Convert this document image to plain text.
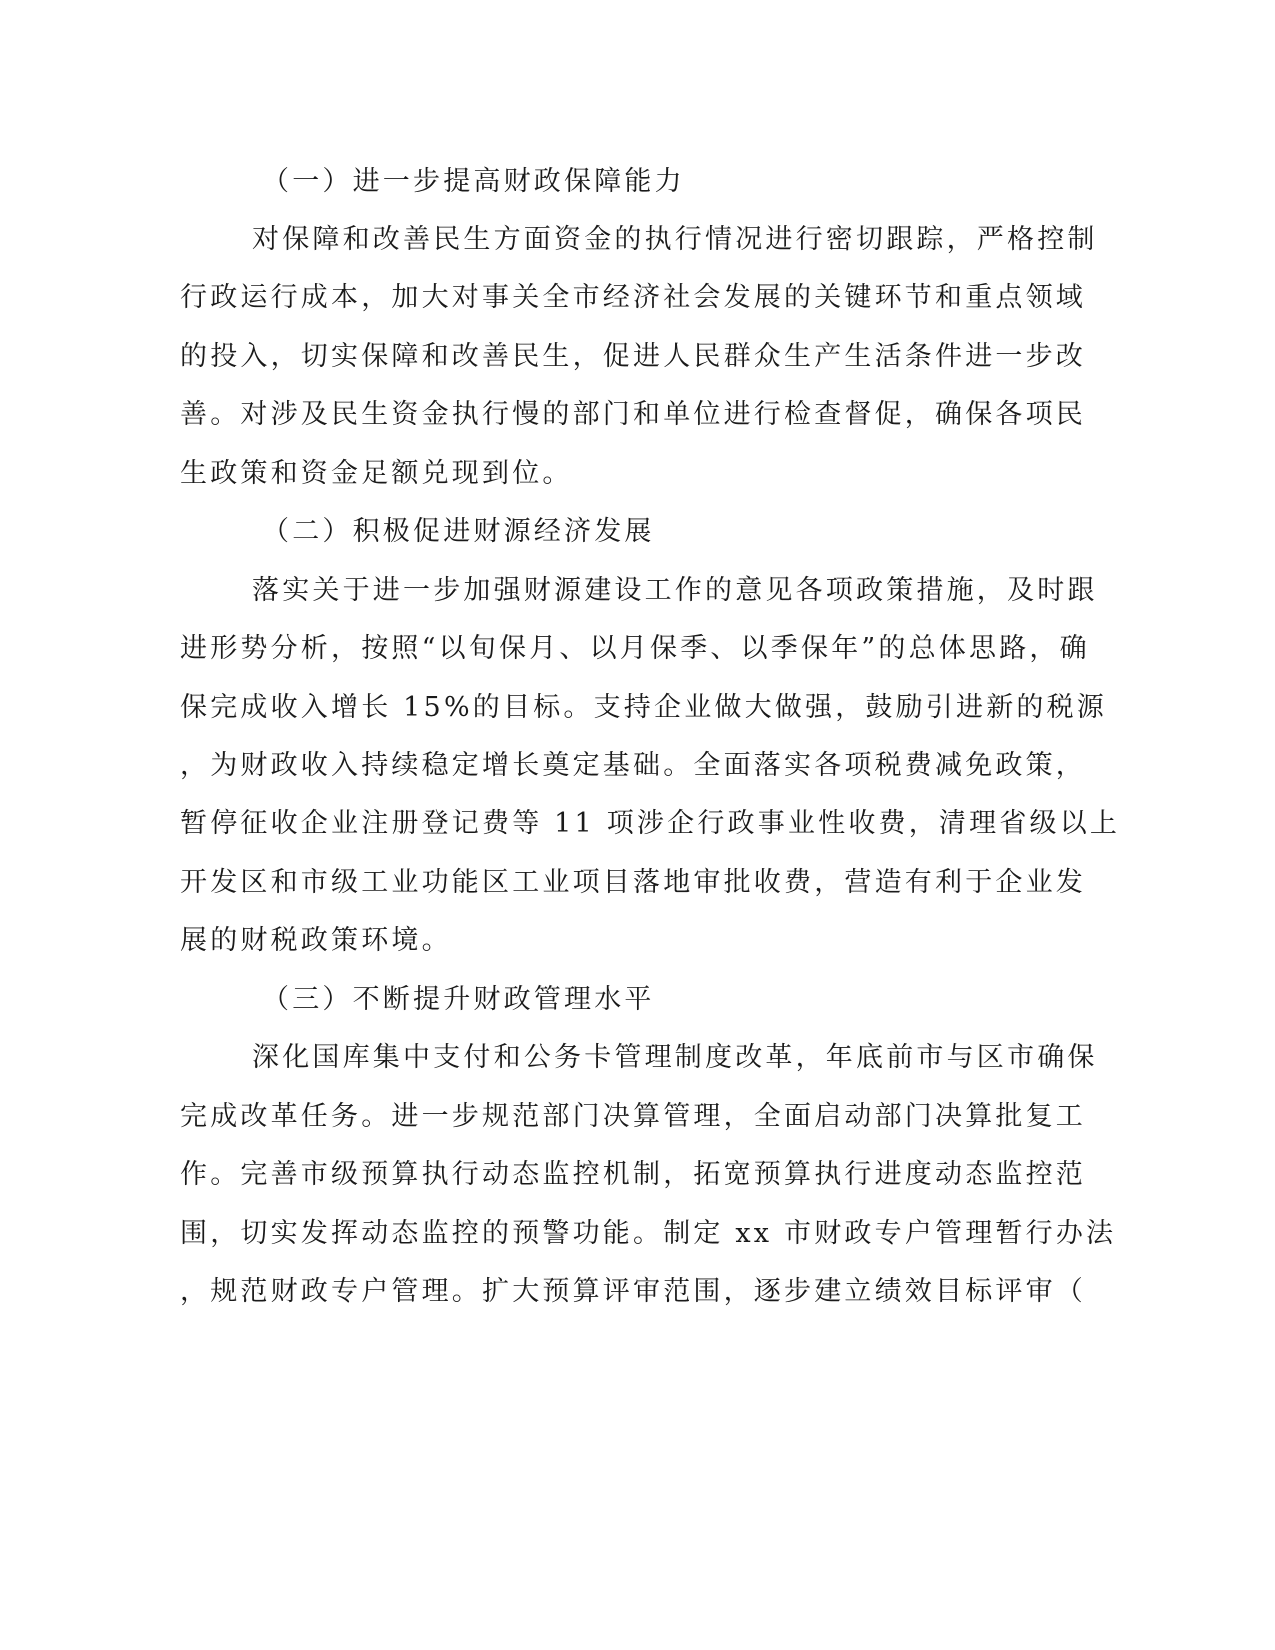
（一）进一步提高财政保障能力
对保障和改善民生方面资金的执行情况进行密切跟踪，严格控制
行政运行成本，加大对事关全市经济社会发展的关键环节和重点领域
的投入，切实保障和改善民生，促进人民群众生产生活条件进一步改
善。对涉及民生资金执行慢的部门和单位进行检查督促，确保各项民
生政策和资金足额兑现到位。
（二）积极促进财源经济发展
落实关于进一步加强财源建设工作的意见各项政策措施，及时跟
进形势分析，按照“以旬保月、以月保季、以季保年”的总体思路，确
保完成收入增长 15%的目标。支持企业做大做强，鼓励引进新的税源
，为财政收入持续稳定增长奠定基础。全面落实各项税费减免政策，
暂停征收企业注册登记费等 11 项涉企行政事业性收费，清理省级以上
开发区和市级工业功能区工业项目落地审批收费，营造有利于企业发
展的财税政策环境。
（三）不断提升财政管理水平
深化国库集中支付和公务卡管理制度改革，年底前市与区市确保
完成改革任务。进一步规范部门决算管理，全面启动部门决算批复工
作。完善市级预算执行动态监控机制，拓宽预算执行进度动态监控范
围，切实发挥动态监控的预警功能。制定 xx 市财政专户管理暂行办法
，规范财政专户管理。扩大预算评审范围，逐步建立绩效目标评审（
